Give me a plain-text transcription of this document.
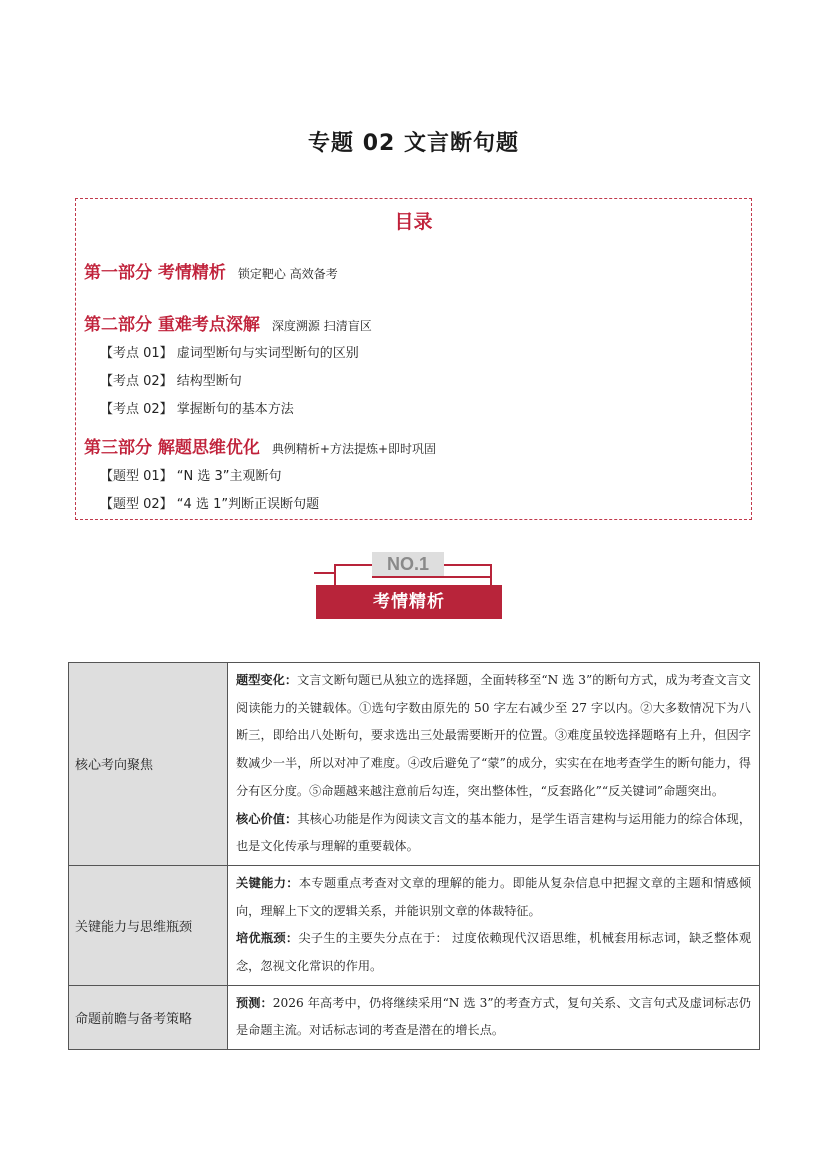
专题 02 文言断句题
目录
第一部分 考情精析 锁定靶心 高效备考
第二部分 重难考点深解 深度溯源 扫清盲区
【考点 01】 虚词型断句与实词型断句的区别
【考点 02】 结构型断句
【考点 02】 掌握断句的基本方法
第三部分 解题思维优化 典例精析+方法提炼+即时巩固
【题型 01】 “N 选 3”主观断句
【题型 02】 “4 选 1”判断正误断句题
NO.1
考情精析
核心考向聚焦	题型变化：文言文断句题已从独立的选择题，全面转移至“N 选 3”的断句方式，成为考查文言文阅读能力的关键载体。①选句字数由原先的 50 字左右减少至 27 字以内。②大多数情况下为八断三，即给出八处断句，要求选出三处最需要断开的位置。③难度虽较选择题略有上升，但因字数减少一半，所以对冲了难度。④改后避免了“蒙”的成分，实实在在地考查学生的断句能力，得分有区分度。⑤命题越来越注意前后勾连，突出整体性，“反套路化”“反关键词”命题突出。
核心价值：其核心功能是作为阅读文言文的基本能力，是学生语言建构与运用能力的综合体现，也是文化传承与理解的重要载体。

关键能力与思维瓶颈	关键能力：本专题重点考查对文章的理解的能力。即能从复杂信息中把握文章的主题和情感倾向，理解上下文的逻辑关系，并能识别文章的体裁特征。
培优瓶颈：尖子生的主要失分点在于： 过度依赖现代汉语思维，机械套用标志词，缺乏整体观念，忽视文化常识的作用。

命题前瞻与备考策略	预测：2026 年高考中，仍将继续采用“N 选 3”的考查方式，复句关系、文言句式及虚词标志仍是命题主流。对话标志词的考查是潜在的增长点。
